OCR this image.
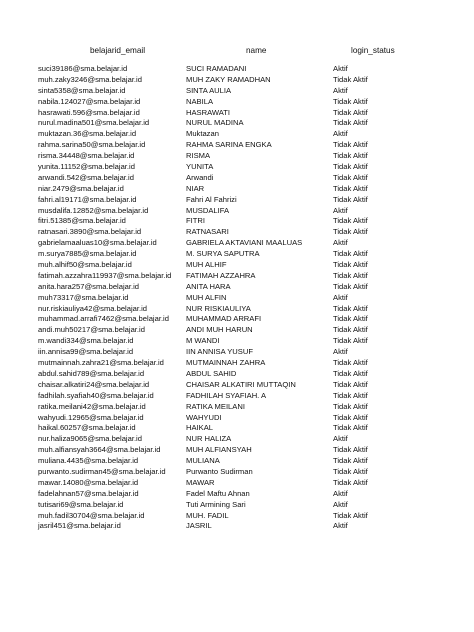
belajarid_email	name	login_status
suci39186@sma.belajar.id	SUCI RAMADANI	Aktif
muh.zaky3246@sma.belajar.id	MUH ZAKY RAMADHAN	Tidak Aktif
sinta5358@sma.belajar.id	SINTA AULIA	Aktif
nabila.124027@sma.belajar.id	NABILA	Tidak Aktif
hasrawati.596@sma.belajar.id	HASRAWATI	Tidak Aktif
nurul.madina501@sma.belajar.id	NURUL MADINA	Tidak Aktif
muktazan.36@sma.belajar.id	Muktazan	Aktif
rahma.sarina50@sma.belajar.id	RAHMA SARINA ENGKA	Tidak Aktif
risma.34448@sma.belajar.id	RISMA	Tidak Aktif
yunita.11152@sma.belajar.id	YUNITA	Tidak Aktif
arwandi.542@sma.belajar.id	Arwandi	Tidak Aktif
niar.2479@sma.belajar.id	NIAR	Tidak Aktif
fahri.al19171@sma.belajar.id	Fahri Al Fahrizi	Tidak Aktif
musdalifa.12852@sma.belajar.id	MUSDALIFA	Aktif
fitri.51385@sma.belajar.id	FITRI	Tidak Aktif
ratnasari.3890@sma.belajar.id	RATNASARI	Tidak Aktif
gabrielamaaluas10@sma.belajar.id	GABRIELA AKTAVIANI MAALUAS	Aktif
m.surya7885@sma.belajar.id	M. SURYA SAPUTRA	Tidak Aktif
muh.alhif50@sma.belajar.id	MUH ALHIF	Tidak Aktif
fatimah.azzahra119937@sma.belajar.id FATIMAH AZZAHRA	Tidak Aktif
anita.hara257@sma.belajar.id	ANITA HARA	Tidak Aktif
muh73317@sma.belajar.id	MUH ALFIN	Aktif
nur.riskiauliya42@sma.belajar.id	NUR RISKIAULIYA	Tidak Aktif
muhammad.arrafi7462@sma.belajar.id MUHAMMAD ARRAFI	Tidak Aktif
andi.muh50217@sma.belajar.id	ANDI MUH HARUN	Tidak Aktif
m.wandi334@sma.belajar.id	M WANDI	Tidak Aktif
iin.annisa99@sma.belajar.id	IIN ANNISA YUSUF	Aktif
mutmainnah.zahra21@sma.belajar.id	MUTMAINNAH ZAHRA	Tidak Aktif
abdul.sahid789@sma.belajar.id	ABDUL SAHID	Tidak Aktif
chaisar.alkatiri24@sma.belajar.id	CHAISAR ALKATIRI MUTTAQIN	Tidak Aktif
fadhilah.syafiah40@sma.belajar.id	FADHILAH SYAFIAH. A	Tidak Aktif
ratika.meilani42@sma.belajar.id	RATIKA MEILANI	Tidak Aktif
wahyudi.12965@sma.belajar.id	WAHYUDI	Tidak Aktif
haikal.60257@sma.belajar.id	HAIKAL	Tidak Aktif
nur.haliza9065@sma.belajar.id	NUR HALIZA	Aktif
muh.alfiansyah3664@sma.belajar.id	MUH ALFIANSYAH	Tidak Aktif
muliana.4435@sma.belajar.id	MULIANA	Tidak Aktif
purwanto.sudirman45@sma.belajar.id	Purwanto Sudirman	Tidak Aktif
mawar.14080@sma.belajar.id	MAWAR	Tidak Aktif
fadelahnan57@sma.belajar.id	Fadel Maftu Ahnan	Aktif
tutisari69@sma.belajar.id	Tuti Armining Sari	Aktif
muh.fadil30704@sma.belajar.id	MUH. FADIL	Tidak Aktif
jasril451@sma.belajar.id	JASRIL	Aktif
